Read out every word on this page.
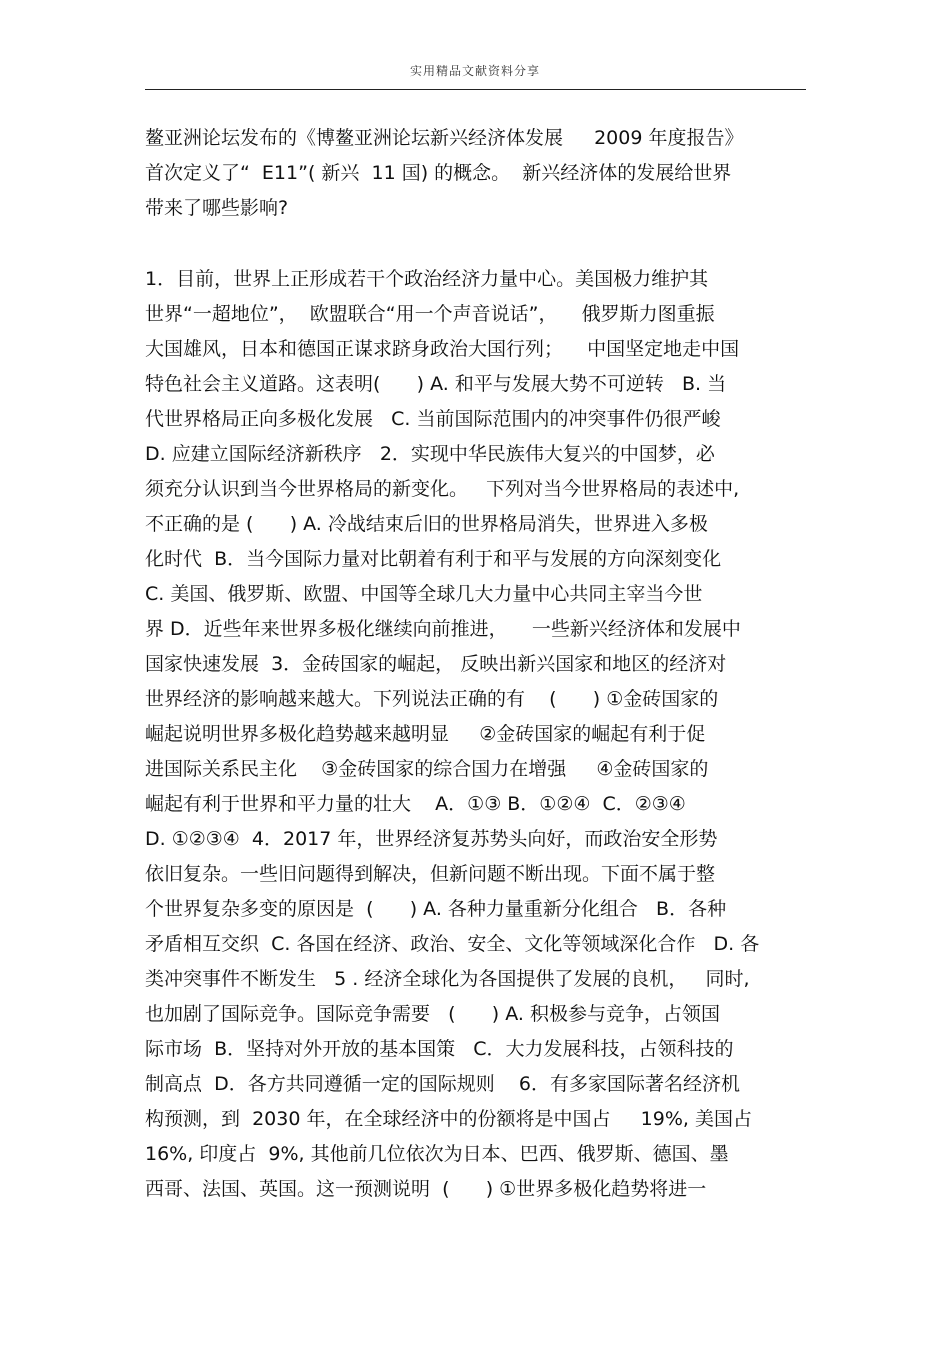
实用精品文献资料分享
鳌亚洲论坛发布的《博鳌亚洲论坛新兴经济体发展　  2009 年度报告》
首次定义了“  E11”( 新兴  11 国) 的概念。  新兴经济体的发展给世界
带来了哪些影响?
1．目前，世界上正形成若干个政治经济力量中心。美国极力维护其
世界“一超地位”，  欧盟联合“用一个声音说话”，    俄罗斯力图重振
大国雄风，日本和德国正谋求跻身政治大国行列；    中国坚定地走中国
特色社会主义道路。这表明(      ) A. 和平与发展大势不可逆转   B. 当
代世界格局正向多极化发展   C. 当前国际范围内的冲突事件仍很严峻
D. 应建立国际经济新秩序   2．实现中华民族伟大复兴的中国梦，必
须充分认识到当今世界格局的新变化。   下列对当今世界格局的表述中,
不正确的是 (      ) A. 冷战结束后旧的世界格局消失，世界进入多极
化时代  B．当今国际力量对比朝着有利于和平与发展的方向深刻变化
C. 美国、俄罗斯、欧盟、中国等全球几大力量中心共同主宰当今世
界 D．近些年来世界多极化继续向前推进，    一些新兴经济体和发展中
国家快速发展  3．金砖国家的崛起， 反映出新兴国家和地区的经济对
世界经济的影响越来越大。下列说法正确的有    (      ) ①金砖国家的
崛起说明世界多极化趋势越来越明显     ②金砖国家的崛起有利于促
进国际关系民主化    ③金砖国家的综合国力在增强     ④金砖国家的
崛起有利于世界和平力量的壮大    A．①③ B．①②④  C．②③④
D. ①②③④  4．2017 年，世界经济复苏势头向好，而政治安全形势
依旧复杂。一些旧问题得到解决，但新问题不断出现。下面不属于整
个世界复杂多变的原因是  (      ) A. 各种力量重新分化组合   B．各种
矛盾相互交织  C. 各国在经济、政治、安全、文化等领域深化合作   D. 各
类冲突事件不断发生   5 . 经济全球化为各国提供了发展的良机，   同时,
也加剧了国际竞争。国际竞争需要   (      ) A. 积极参与竞争，占领国
际市场  B．坚持对外开放的基本国策   C．大力发展科技，占领科技的
制高点  D．各方共同遵循一定的国际规则    6．有多家国际著名经济机
构预测，到  2030 年，在全球经济中的份额将是中国占     19%, 美国占
16%, 印度占  9%, 其他前几位依次为日本、巴西、俄罗斯、德国、墨
西哥、法国、英国。这一预测说明  (      ) ①世界多极化趋势将进一
